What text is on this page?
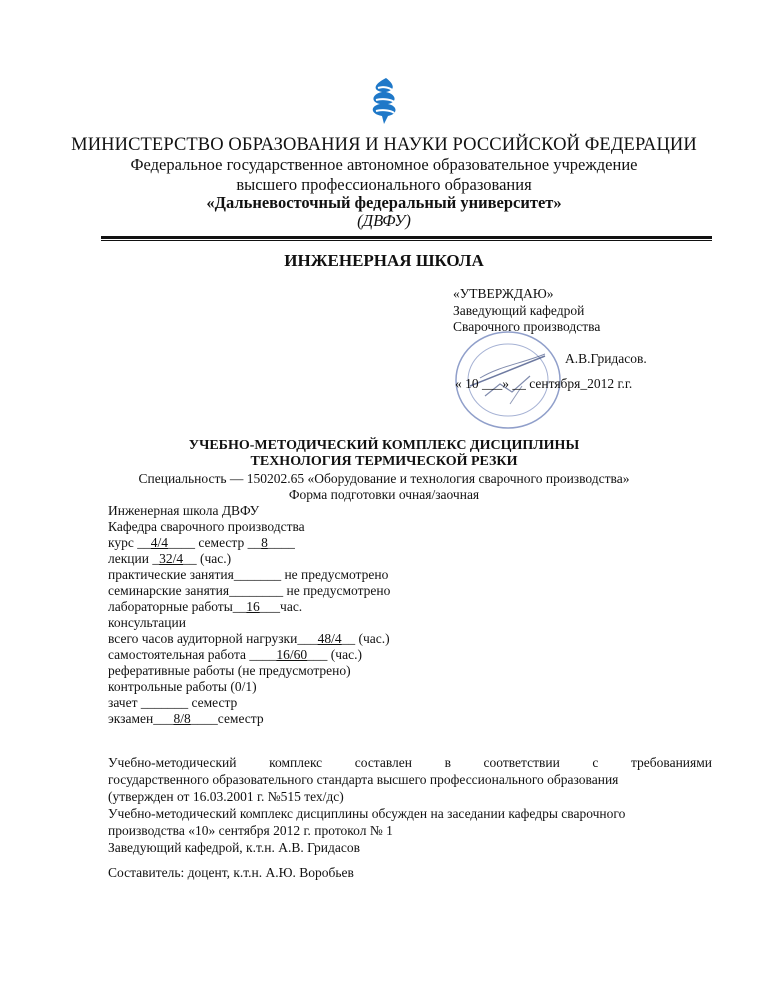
МИНИСТЕРСТВО ОБРАЗОВАНИЯ И НАУКИ РОССИЙСКОЙ ФЕДЕРАЦИИ
Федеральное государственное автономное образовательное учреждение
высшего профессионального образования
«Дальневосточный федеральный университет»
(ДВФУ)
ИНЖЕНЕРНАЯ ШКОЛА
«УТВЕРЖДАЮ»
Заведующий кафедрой
Сварочного производства
А.В.Гридасов.
« 10 ___» __ сентября_2012 г.г.
УЧЕБНО-МЕТОДИЧЕСКИЙ КОМПЛЕКС ДИСЦИПЛИНЫ
ТЕХНОЛОГИЯ ТЕРМИЧЕСКОЙ РЕЗКИ
Специальность — 150202.65 «Оборудование и технология сварочного производства»
Форма подготовки очная/заочная
Инженерная школа ДВФУ
Кафедра сварочного производства
курс __4/4____ семестр __8____
лекции _32/4__ (час.)
практические занятия_______ не предусмотрено
семинарские занятия________ не предусмотрено
лабораторные работы__16___час.
консультации
всего часов аудиторной нагрузки___48/4__ (час.)
самостоятельная работа ____16/60___ (час.)
реферативные работы (не предусмотрено)
контрольные работы (0/1)
зачет _______ семестр
экзамен___8/8____семестр
Учебно-методический комплекс составлен в соответствии с требованиями
государственного образовательного стандарта высшего профессионального образования
(утвержден от 16.03.2001 г. №515 тех/дс)
Учебно-методический комплекс дисциплины обсужден на заседании кафедры сварочного
производства «10» сентября 2012 г. протокол № 1
Заведующий кафедрой, к.т.н. А.В. Гридасов
Составитель: доцент, к.т.н. А.Ю. Воробьев
